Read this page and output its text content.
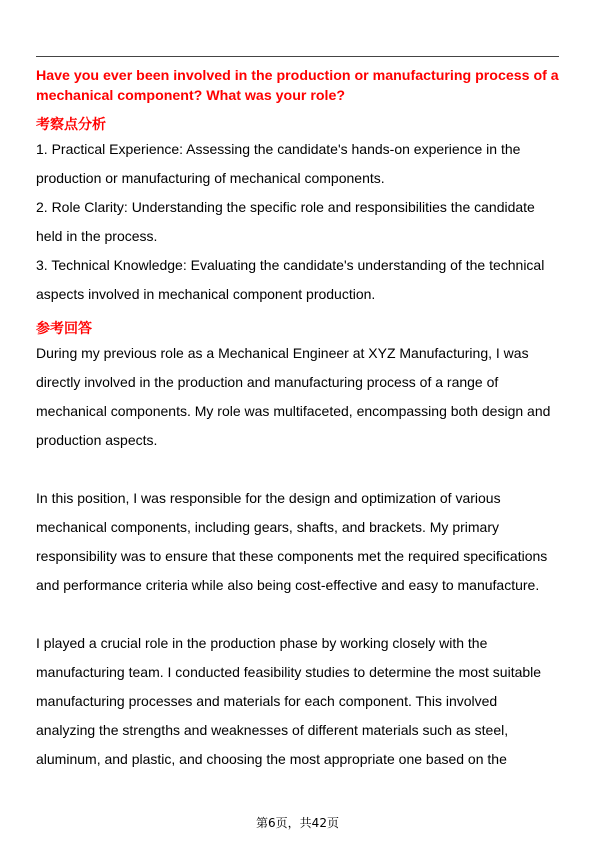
Have you ever been involved in the production or manufacturing process of a mechanical component? What was your role?
考察点分析

1. Practical Experience: Assessing the candidate's hands-on experience in the production or manufacturing of mechanical components.

2. Role Clarity: Understanding the specific role and responsibilities the candidate held in the process.

3. Technical Knowledge: Evaluating the candidate's understanding of the technical aspects involved in mechanical component production.

参考回答

During my previous role as a Mechanical Engineer at XYZ Manufacturing, I was directly involved in the production and manufacturing process of a range of mechanical components. My role was multifaceted, encompassing both design and production aspects.

In this position, I was responsible for the design and optimization of various mechanical components, including gears, shafts, and brackets. My primary responsibility was to ensure that these components met the required specifications and performance criteria while also being cost-effective and easy to manufacture.

I played a crucial role in the production phase by working closely with the manufacturing team. I conducted feasibility studies to determine the most suitable manufacturing processes and materials for each component. This involved analyzing the strengths and weaknesses of different materials such as steel, aluminum, and plastic, and choosing the most appropriate one based on the

第6页，共42页
